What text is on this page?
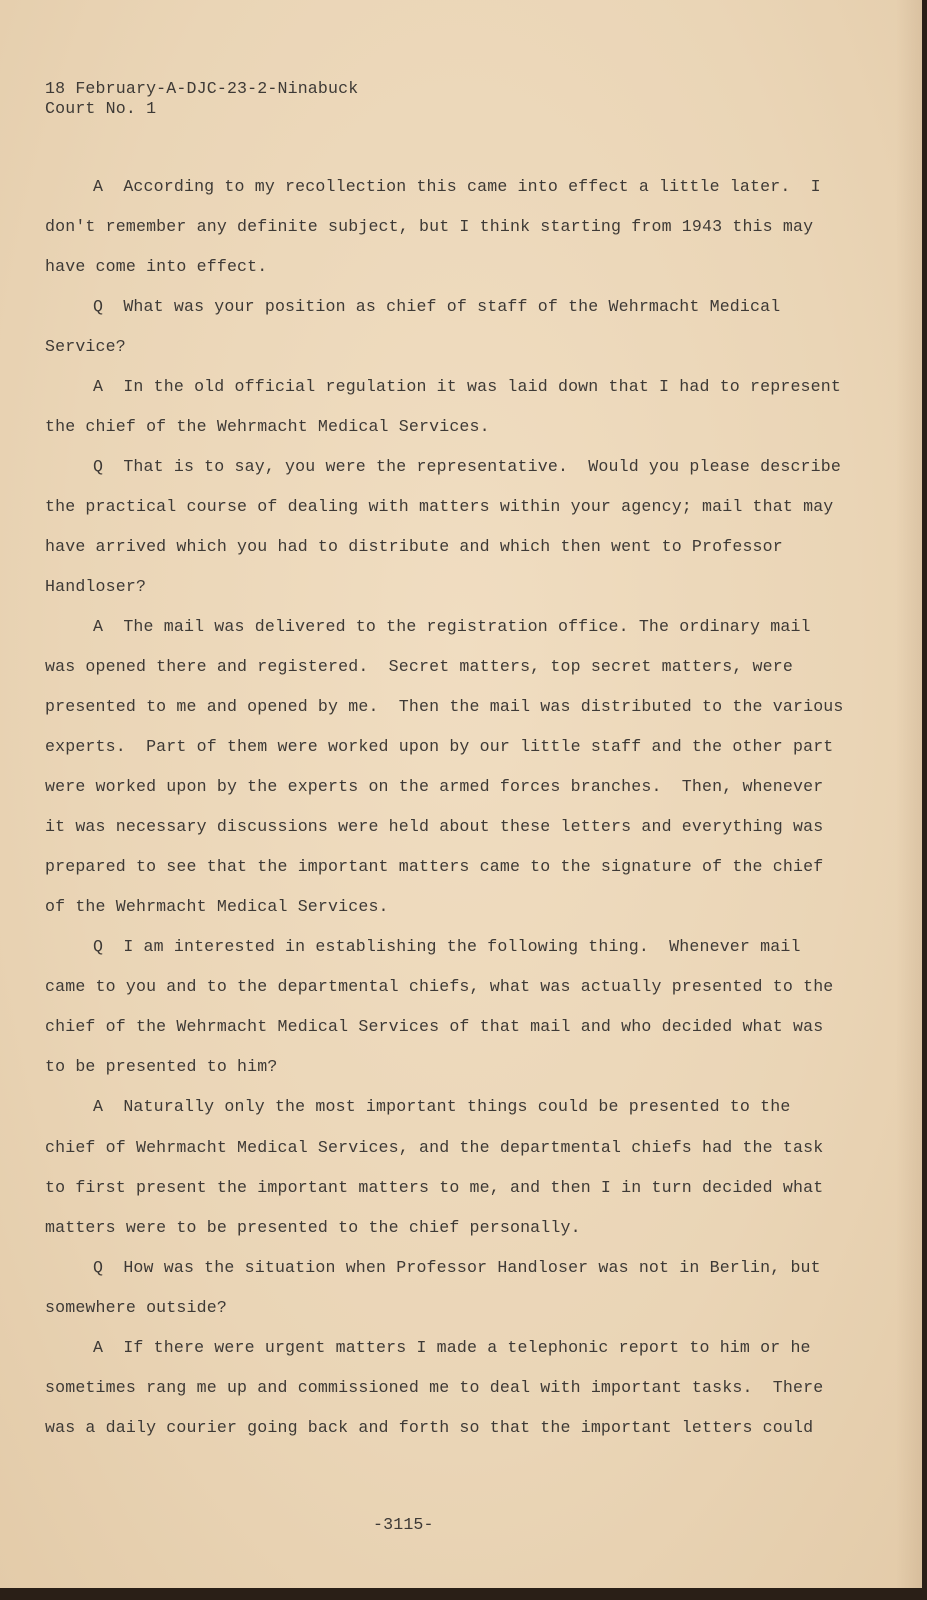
18 February-A-DJC-23-2-Ninabuck
Court No. 1
A  According to my recollection this came into effect a little later.  I
don't remember any definite subject, but I think starting from 1943 this may
have come into effect.
Q  What was your position as chief of staff of the Wehrmacht Medical
Service?
A  In the old official regulation it was laid down that I had to represent
the chief of the Wehrmacht Medical Services.
Q  That is to say, you were the representative.  Would you please describe
the practical course of dealing with matters within your agency; mail that may
have arrived which you had to distribute and which then went to Professor
Handloser?
A  The mail was delivered to the registration office. The ordinary mail
was opened there and registered.  Secret matters, top secret matters, were
presented to me and opened by me.  Then the mail was distributed to the various
experts.  Part of them were worked upon by our little staff and the other part
were worked upon by the experts on the armed forces branches.  Then, whenever
it was necessary discussions were held about these letters and everything was
prepared to see that the important matters came to the signature of the chief
of the Wehrmacht Medical Services.
Q  I am interested in establishing the following thing.  Whenever mail
came to you and to the departmental chiefs, what was actually presented to the
chief of the Wehrmacht Medical Services of that mail and who decided what was
to be presented to him?
A  Naturally only the most important things could be presented to the
chief of Wehrmacht Medical Services, and the departmental chiefs had the task
to first present the important matters to me, and then I in turn decided what
matters were to be presented to the chief personally.
Q  How was the situation when Professor Handloser was not in Berlin, but
somewhere outside?
A  If there were urgent matters I made a telephonic report to him or he
sometimes rang me up and commissioned me to deal with important tasks.  There
was a daily courier going back and forth so that the important letters could
-3115-
